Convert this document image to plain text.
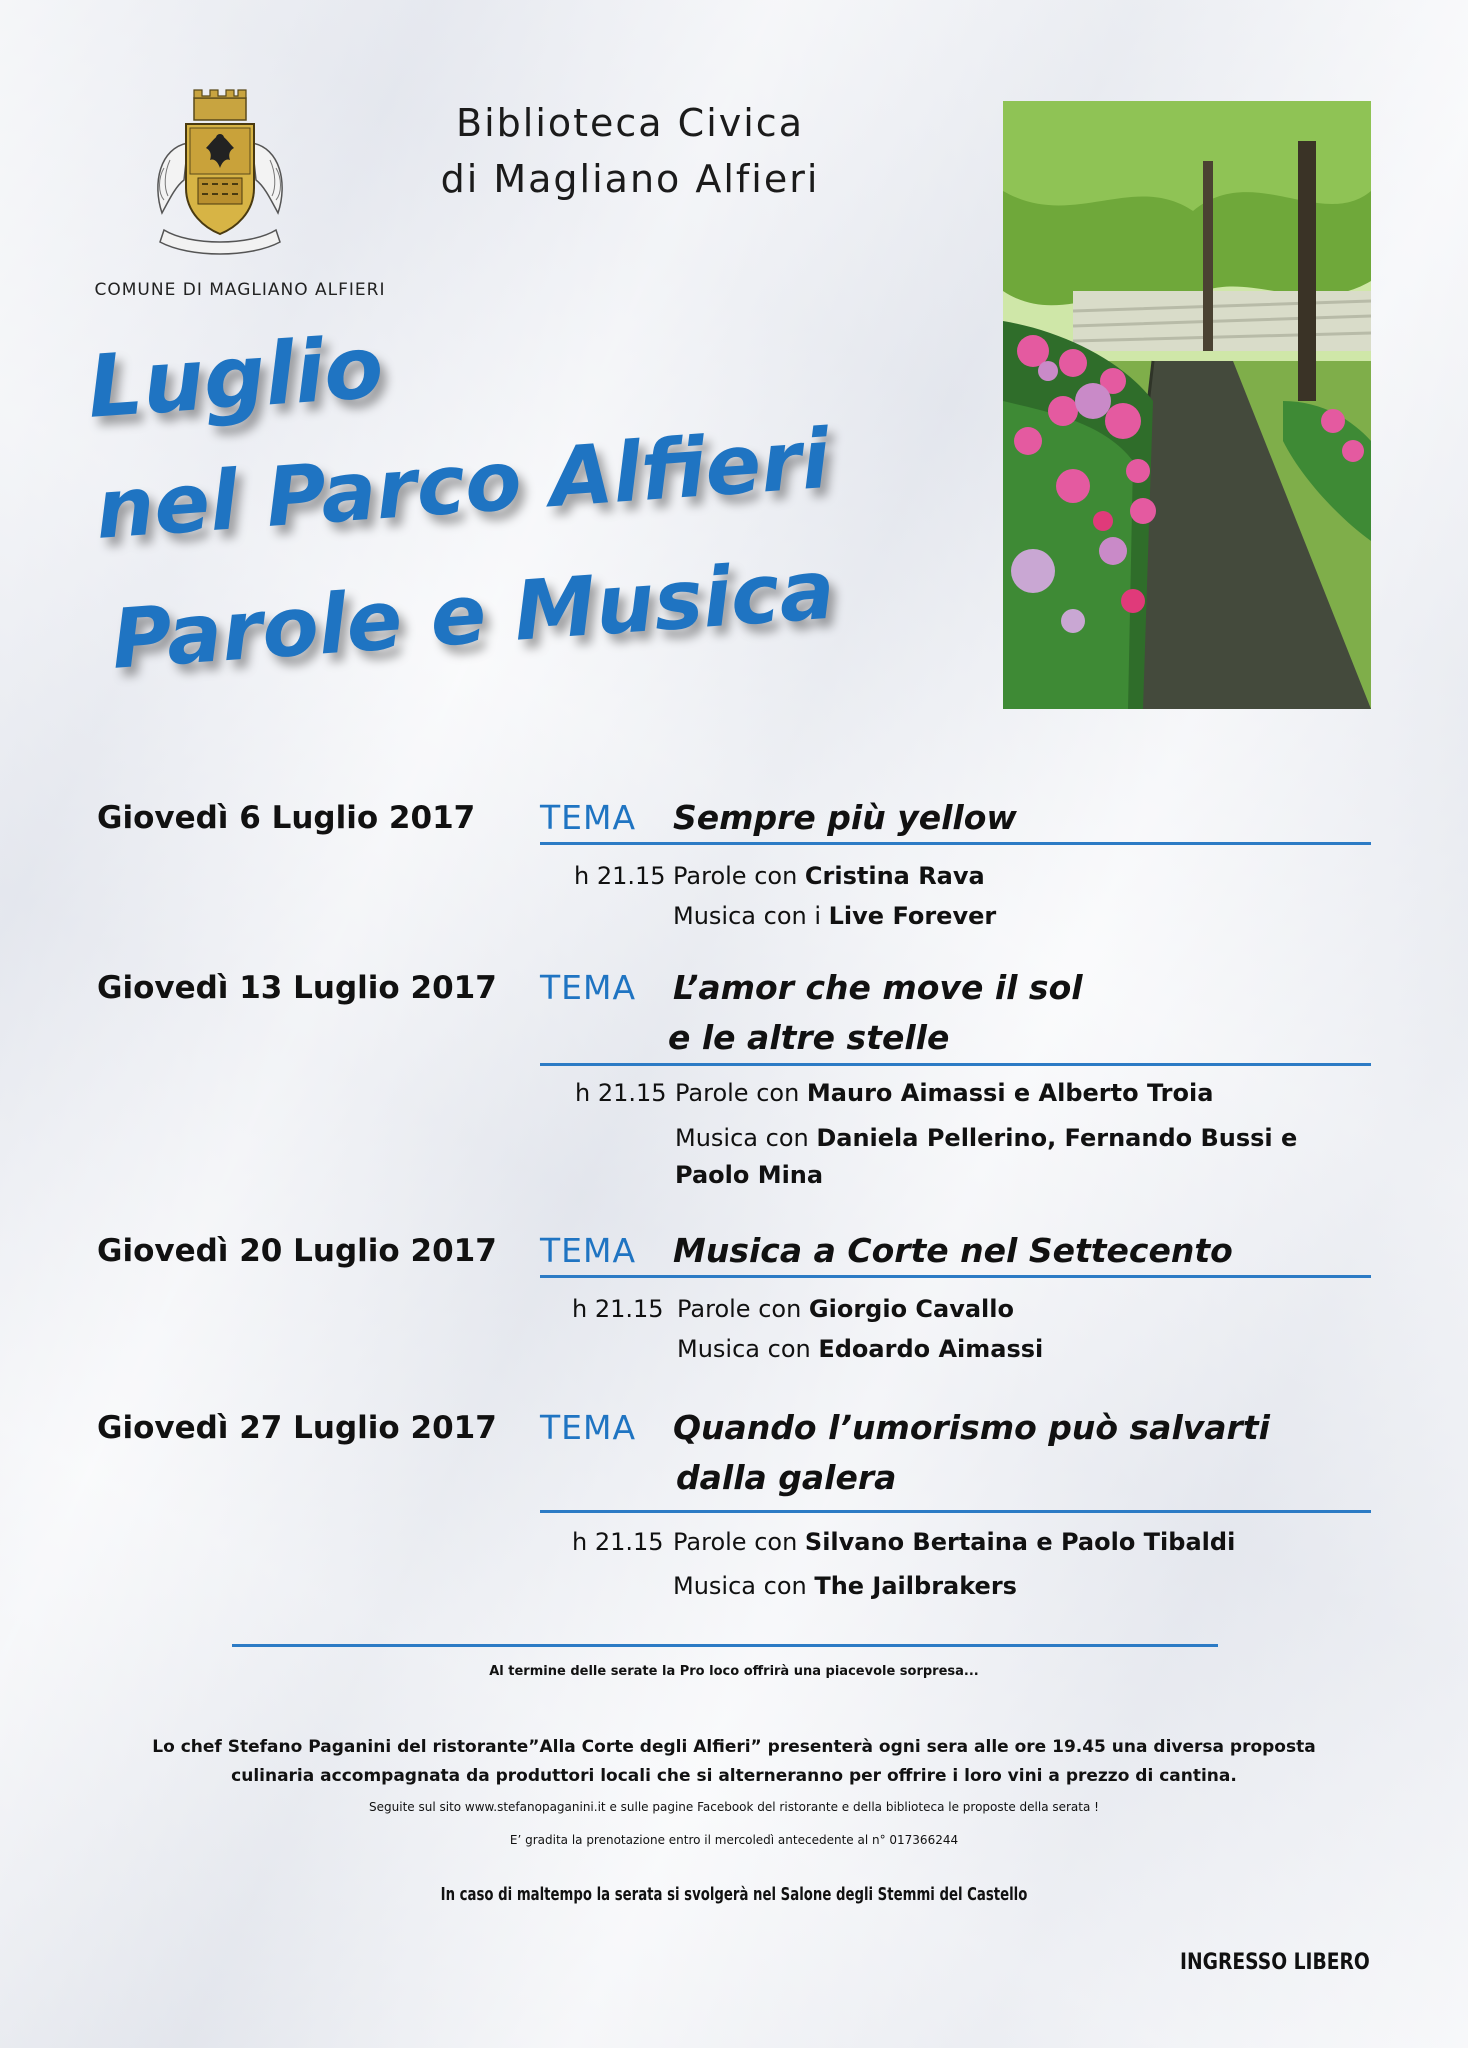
COMUNE DI MAGLIANO ALFIERI
Biblioteca Civica
di Magliano Alfieri
Luglio
nel Parco Alfieri
Parole e Musica
Giovedì 6 Luglio 2017 TEMA Sempre più yellow
h 21.15 Parole con Cristina Rava
Musica con i Live Forever
Giovedì 13 Luglio 2017 TEMA L’amor che move il sol
e le altre stelle
h 21.15 Parole con Mauro Aimassi e Alberto Troia
Musica con Daniela Pellerino, Fernando Bussi e
Paolo Mina
Giovedì 20 Luglio 2017 TEMA Musica a Corte nel Settecento
h 21.15 Parole con Giorgio Cavallo
Musica con Edoardo Aimassi
Giovedì 27 Luglio 2017 TEMA Quando l’umorismo può salvarti
dalla galera
h 21.15 Parole con Silvano Bertaina e Paolo Tibaldi
Musica con The Jailbrakers
Al termine delle serate la Pro loco offrirà una piacevole sorpresa...
Lo chef Stefano Paganini del ristorante”Alla Corte degli Alfieri” presenterà ogni sera alle ore 19.45 una diversa proposta
culinaria accompagnata da produttori locali che si alterneranno per offrire i loro vini a prezzo di cantina.
Seguite sul sito www.stefanopaganini.it e sulle pagine Facebook del ristorante e della biblioteca le proposte della serata !
E’ gradita la prenotazione entro il mercoledì antecedente al n° 017366244
In caso di maltempo la serata si svolgerà nel Salone degli Stemmi del Castello
INGRESSO LIBERO
